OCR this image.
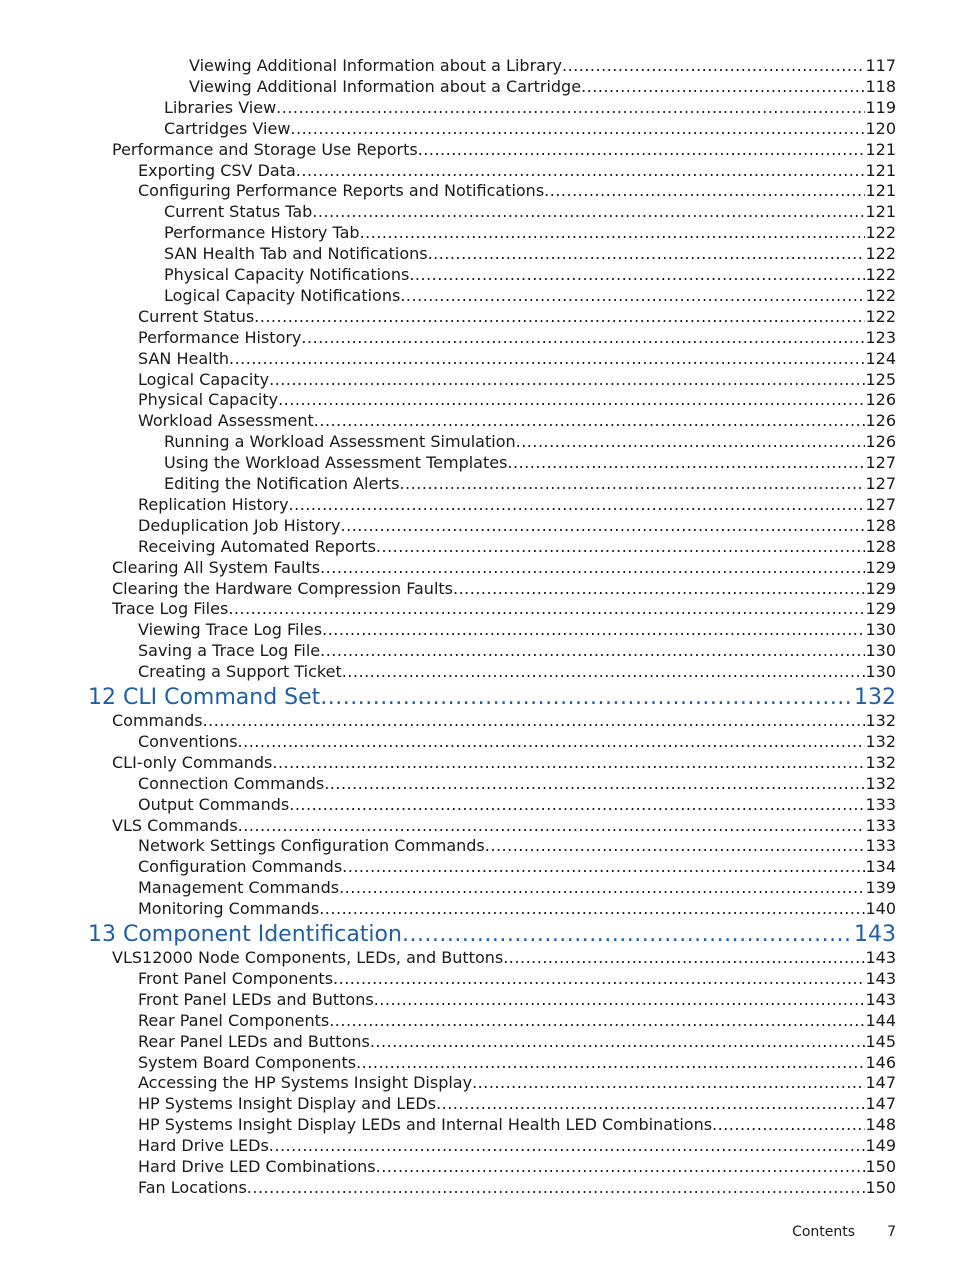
Viewing Additional Information about a Library .....	117
Viewing Additional Information about a Cartridge .....	118
Libraries View .....	119
Cartridges View .....	120
Performance and Storage Use Reports .....	121
Exporting CSV Data .....	121
Configuring Performance Reports and Notifications .....	121
Current Status Tab .....	121
Performance History Tab .....	122
SAN Health Tab and Notifications .....	122
Physical Capacity Notifications .....	122
Logical Capacity Notifications .....	122
Current Status .....	122
Performance History .....	123
SAN Health .....	124
Logical Capacity .....	125
Physical Capacity .....	126
Workload Assessment .....	126
Running a Workload Assessment Simulation .....	126
Using the Workload Assessment Templates .....	127
Editing the Notification Alerts .....	127
Replication History .....	127
Deduplication Job History .....	128
Receiving Automated Reports .....	128
Clearing All System Faults .....	129
Clearing the Hardware Compression Faults .....	129
Trace Log Files .....	129
Viewing Trace Log Files .....	130
Saving a Trace Log File .....	130
Creating a Support Ticket .....	130
12 CLI Command Set .....	132
Commands .....	132
Conventions .....	132
CLI-only Commands .....	132
Connection Commands .....	132
Output Commands .....	133
VLS Commands .....	133
Network Settings Configuration Commands .....	133
Configuration Commands .....	134
Management Commands .....	139
Monitoring Commands .....	140
13 Component Identification .....	143
VLS12000 Node Components, LEDs, and Buttons .....	143
Front Panel Components .....	143
Front Panel LEDs and Buttons .....	143
Rear Panel Components .....	144
Rear Panel LEDs and Buttons .....	145
System Board Components .....	146
Accessing the HP Systems Insight Display .....	147
HP Systems Insight Display and LEDs .....	147
HP Systems Insight Display LEDs and Internal Health LED Combinations .....	148
Hard Drive LEDs .....	149
Hard Drive LED Combinations .....	150
Fan Locations .....	150
Contents 7
